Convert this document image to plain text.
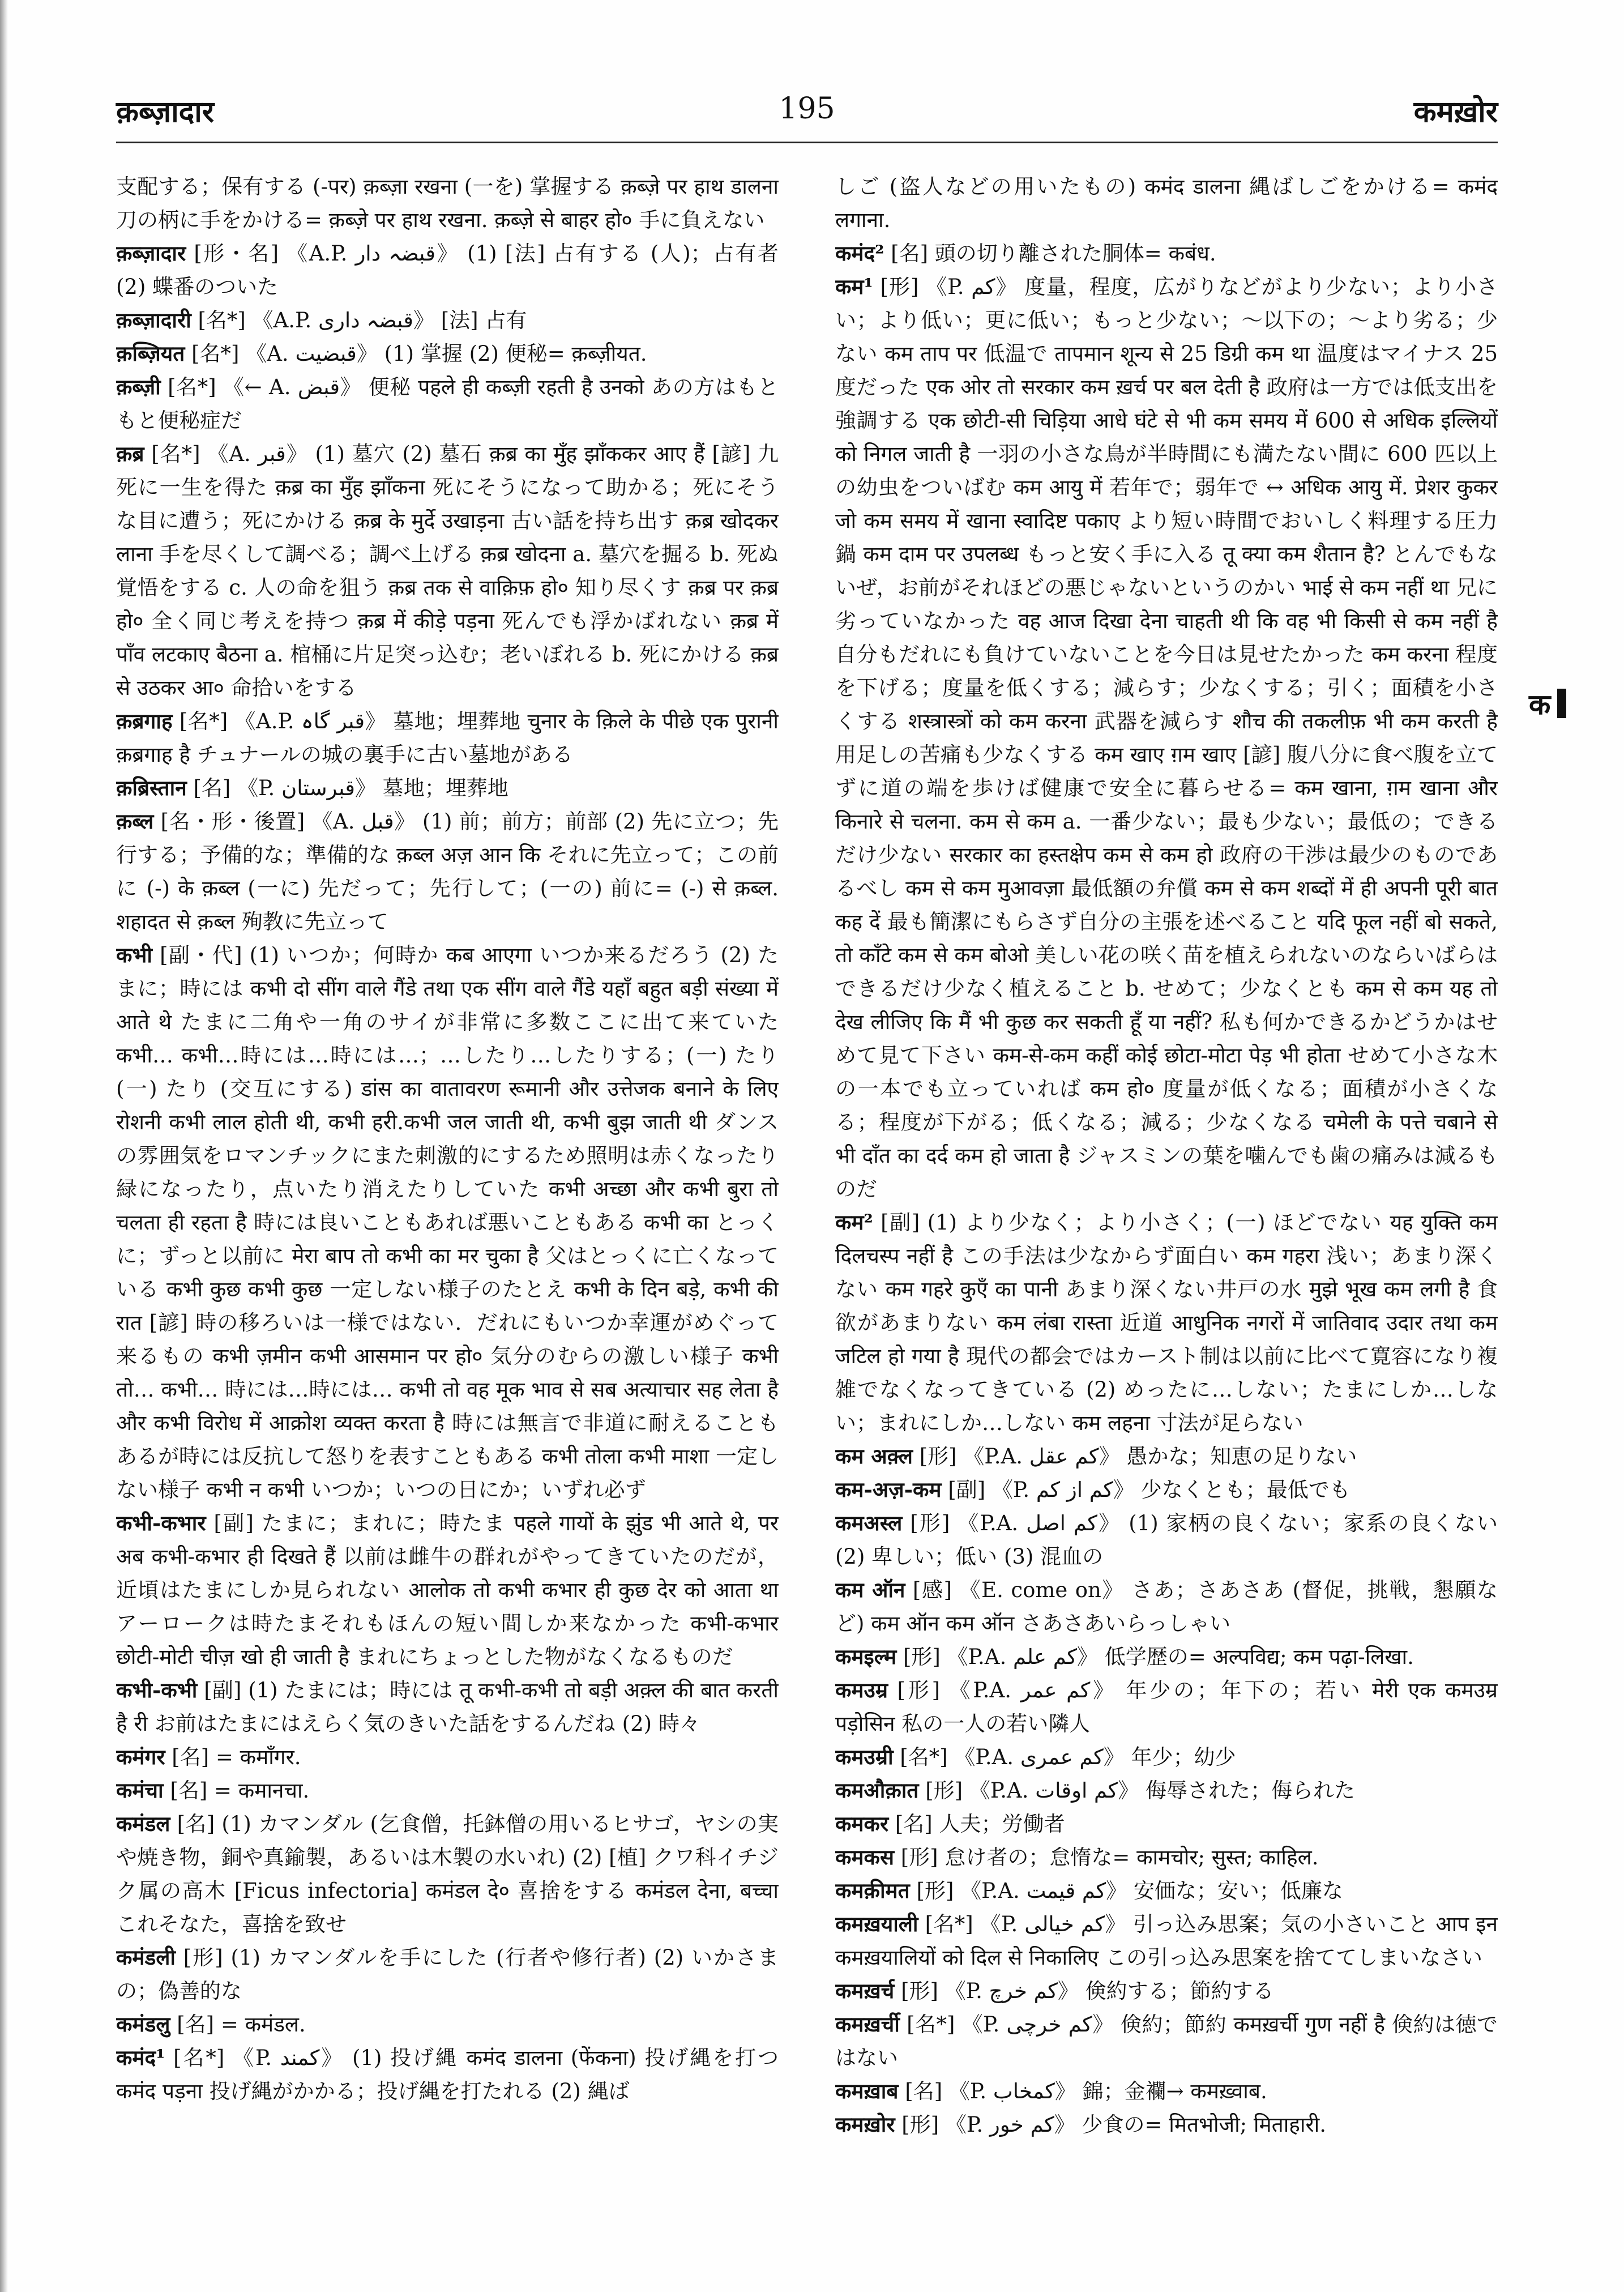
क़ब्ज़ादार	195	कमख़ोर

支配する；保有する (-पर) क़ब्ज़ा रखना (一を) 掌握する क़ब्ज़े पर हाथ डालना 刀の柄に手をかける= क़ब्ज़े पर हाथ रखना. क़ब्ज़े से बाहर हो० 手に負えない

क़ब्ज़ादार [形・名] 《A.P. قبضہ دار》 (1) [法] 占有する (人)；占有者 (2) 蝶番のついた

क़ब्ज़ादारी [名*] 《A.P. قبضہ داری》 [法] 占有

क़ब्ज़ियत [名*] 《A. قبضیت》 (1) 掌握 (2) 便秘= क़ब्ज़ीयत.

क़ब्ज़ी [名*] 《← A. قبض》 便秘 पहले ही कब्ज़ी रहती है उनको あの方はもともと便秘症だ

क़ब्र [名*] 《A. قبر》 (1) 墓穴 (2) 墓石 क़ब्र का मुँह झाँककर आए हैं [諺] 九死に一生を得た क़ब्र का मुँह झाँकना 死にそうになって助かる；死にそうな目に遭う；死にかける क़ब्र के मुर्दे उखाड़ना 古い話を持ち出す क़ब्र खोदकर लाना 手を尽くして調べる；調べ上げる क़ब्र खोदना a. 墓穴を掘る b. 死ぬ覚悟をする c. 人の命を狙う क़ब्र तक से वाक़िफ़ हो० 知り尽くす क़ब्र पर क़ब्र हो० 全く同じ考えを持つ क़ब्र में कीड़े पड़ना 死んでも浮かばれない क़ब्र में पाँव लटकाए बैठना a. 棺桶に片足突っ込む；老いぼれる b. 死にかける क़ब्र से उठकर आ० 命拾いをする

क़ब्रगाह [名*] 《A.P. قبر گاہ》 墓地；埋葬地 चुनार के क़िले के पीछे एक पुरानी क़ब्रगाह है チュナールの城の裏手に古い墓地がある

क़ब्रिस्तान [名] 《P. قبرستان》 墓地；埋葬地

क़ब्ल [名・形・後置] 《A. قبل》 (1) 前；前方；前部 (2) 先に立つ；先行する；予備的な；準備的な क़ब्ल अज़ आन कि それに先立って；この前に (-) के क़ब्ल (一に) 先だって；先行して；(一の) 前に= (-) से क़ब्ल. शहादत से क़ब्ल 殉教に先立って

कभी [副・代] (1) いつか；何時か कब आएगा いつか来るだろう (2) たまに；時には कभी दो सींग वाले गैंडे तथा एक सींग वाले गैंडे यहाँ बहुत बड़ी संख्या में आते थे たまに二角や一角のサイが非常に多数ここに出て来ていた कभी… कभी…時には…時には…；…したり…したりする；(一) たり (一) たり (交互にする) डांस का वातावरण रूमानी और उत्तेजक बनाने के लिए रोशनी कभी लाल होती थी, कभी हरी.कभी जल जाती थी, कभी बुझ जाती थी ダンスの雰囲気をロマンチックにまた刺激的にするため照明は赤くなったり緑になったり，点いたり消えたりしていた कभी अच्छा और कभी बुरा तो चलता ही रहता है 時には良いこともあれば悪いこともある कभी का とっくに；ずっと以前に मेरा बाप तो कभी का मर चुका है 父はとっくに亡くなっている कभी कुछ कभी कुछ 一定しない様子のたとえ कभी के दिन बड़े, कभी की रात [諺] 時の移ろいは一様ではない．だれにもいつか幸運がめぐって来るもの कभी ज़मीन कभी आसमान पर हो० 気分のむらの激しい様子 कभी तो… कभी… 時には…時には… कभी तो वह मूक भाव से सब अत्याचार सह लेता है और कभी विरोध में आक्रोश व्यक्त करता है 時には無言で非道に耐えることもあるが時には反抗して怒りを表すこともある कभी तोला कभी माशा 一定しない様子 कभी न कभी いつか；いつの日にか；いずれ必ず

कभी-कभार [副] たまに；まれに；時たま पहले गायों के झुंड भी आते थे, पर अब कभी-कभार ही दिखते हैं 以前は雌牛の群れがやってきていたのだが，近頃はたまにしか見られない आलोक तो कभी कभार ही कुछ देर को आता था アーロークは時たまそれもほんの短い間しか来なかった कभी-कभार छोटी-मोटी चीज़ खो ही जाती है まれにちょっとした物がなくなるものだ

कभी-कभी [副] (1) たまには；時には तू कभी-कभी तो बड़ी अक़्ल की बात करती है री お前はたまにはえらく気のきいた話をするんだね (2) 時々

कमंगर [名] = कमाँगर.

कमंचा [名] = कमानचा.

कमंडल [名] (1) カマンダル (乞食僧，托鉢僧の用いるヒサゴ，ヤシの実や焼き物，銅や真鍮製，あるいは木製の水いれ) (2) [植] クワ科イチジク属の高木 [Ficus infectoria] कमंडल दे० 喜捨をする कमंडल देना, बच्चा これそなた，喜捨を致せ

कमंडली [形] (1) カマンダルを手にした (行者や修行者) (2) いかさまの；偽善的な

कमंडलु [名] = कमंडल.

कमंद¹ [名*] 《P. کمند》 (1) 投げ縄 कमंद डालना (फेंकना) 投げ縄を打つ कमंद पड़ना 投げ縄がかかる；投げ縄を打たれる (2) 縄ば

しご (盗人などの用いたもの) कमंद डालना 縄ばしごをかける= कमंद लगाना.

कमंद² [名] 頭の切り離された胴体= कबंध.

कम¹ [形] 《P. کم》 度量，程度，広がりなどがより少ない；より小さい；より低い；更に低い；もっと少ない；〜以下の；〜より劣る；少ない कम ताप पर 低温で तापमान शून्य से 25 डिग्री कम था 温度はマイナス 25 度だった एक ओर तो सरकार कम ख़र्च पर बल देती है 政府は一方では低支出を強調する एक छोटी-सी चिड़िया आधे घंटे से भी कम समय में 600 से अधिक इल्लियों को निगल जाती है 一羽の小さな鳥が半時間にも満たない間に 600 匹以上の幼虫をついばむ कम आयु में 若年で；弱年で ↔ अधिक आयु में. प्रेशर कुकर जो कम समय में खाना स्वादिष्ट पकाए より短い時間でおいしく料理する圧力鍋 कम दाम पर उपलब्ध もっと安く手に入る तू क्या कम शैतान है? とんでもないぜ，お前がそれほどの悪じゃないというのかい भाई से कम नहीं था 兄に劣っていなかった वह आज दिखा देना चाहती थी कि वह भी किसी से कम नहीं है 自分もだれにも負けていないことを今日は見せたかった कम करना 程度を下げる；度量を低くする；減らす；少なくする；引く；面積を小さくする शस्त्रास्त्रों को कम करना 武器を減らす शौच की तकलीफ़ भी कम करती है 用足しの苦痛も少なくする कम खाए ग़म खाए [諺] 腹八分に食べ腹を立てずに道の端を歩けば健康で安全に暮らせる= कम खाना, ग़म खाना और किनारे से चलना. कम से कम a. 一番少ない；最も少ない；最低の；できるだけ少ない सरकार का हस्तक्षेप कम से कम हो 政府の干渉は最少のものであるべし कम से कम मुआवज़ा 最低額の弁償 कम से कम शब्दों में ही अपनी पूरी बात कह दें 最も簡潔にもらさず自分の主張を述べること यदि फूल नहीं बो सकते, तो काँटे कम से कम बोओ 美しい花の咲く苗を植えられないのならいばらはできるだけ少なく植えること b. せめて；少なくとも कम से कम यह तो देख लीजिए कि मैं भी कुछ कर सकती हूँ या नहीं? 私も何かできるかどうかはせめて見て下さい कम-से-कम कहीं कोई छोटा-मोटा पेड़ भी होता せめて小さな木の一本でも立っていれば कम हो० 度量が低くなる；面積が小さくなる；程度が下がる；低くなる；減る；少なくなる चमेली के पत्ते चबाने से भी दाँत का दर्द कम हो जाता है ジャスミンの葉を噛んでも歯の痛みは減るものだ

कम² [副] (1) より少なく；より小さく；(一) ほどでない यह युक्ति कम दिलचस्प नहीं है この手法は少なからず面白い कम गहरा 浅い；あまり深くない कम गहरे कुएँ का पानी あまり深くない井戸の水 मुझे भूख कम लगी है 食欲があまりない कम लंबा रास्ता 近道 आधुनिक नगरों में जातिवाद उदार तथा कम जटिल हो गया है 現代の都会ではカースト制は以前に比べて寛容になり複雑でなくなってきている (2) めったに…しない；たまにしか…しない；まれにしか…しない कम लहना 寸法が足らない

कम अक़्ल [形] 《P.A. کم عقل》 愚かな；知恵の足りない

कम-अज़-कम [副] 《P. کم از کم》 少なくとも；最低でも

कमअस्ल [形] 《P.A. کم اصل》 (1) 家柄の良くない；家系の良くない (2) 卑しい；低い (3) 混血の

कम ऑन [感] 《E. come on》 さあ；さあさあ (督促，挑戦，懇願など) कम ऑन कम ऑन さあさあいらっしゃい

कमइल्म [形] 《P.A. کم علم》 低学歴の= अल्पविद्य; कम पढ़ा-लिखा.

कमउम्र [形] 《P.A. کم عمر》 年少の；年下の；若い मेरी एक कमउम्र पड़ोसिन 私の一人の若い隣人

कमउम्री [名*] 《P.A. کم عمری》 年少；幼少

कमऔक़ात [形] 《P.A. کم اوقات》 侮辱された；侮られた

कमकर [名] 人夫；労働者

कमकस [形] 怠け者の；怠惰な= कामचोर; सुस्त; काहिल.

कमक़ीमत [形] 《P.A. کم قیمت》 安価な；安い；低廉な

कमख़याली [名*] 《P. کم خیالی》 引っ込み思案；気の小さいこと आप इन कमख़यालियों को दिल से निकालिए この引っ込み思案を捨ててしまいなさい

कमख़र्च [形] 《P. کم خرچ》 倹約する；節約する

कमख़र्ची [名*] 《P. کم خرچی》 倹約；節約 कमख़र्ची गुण नहीं है 倹約は徳ではない

कमख़ाब [名] 《P. کمخاب》 錦；金襴→ कमख़्वाब.

कमख़ोर [形] 《P. کم خور》 少食の= मितभोजी; मिताहारी.

क
